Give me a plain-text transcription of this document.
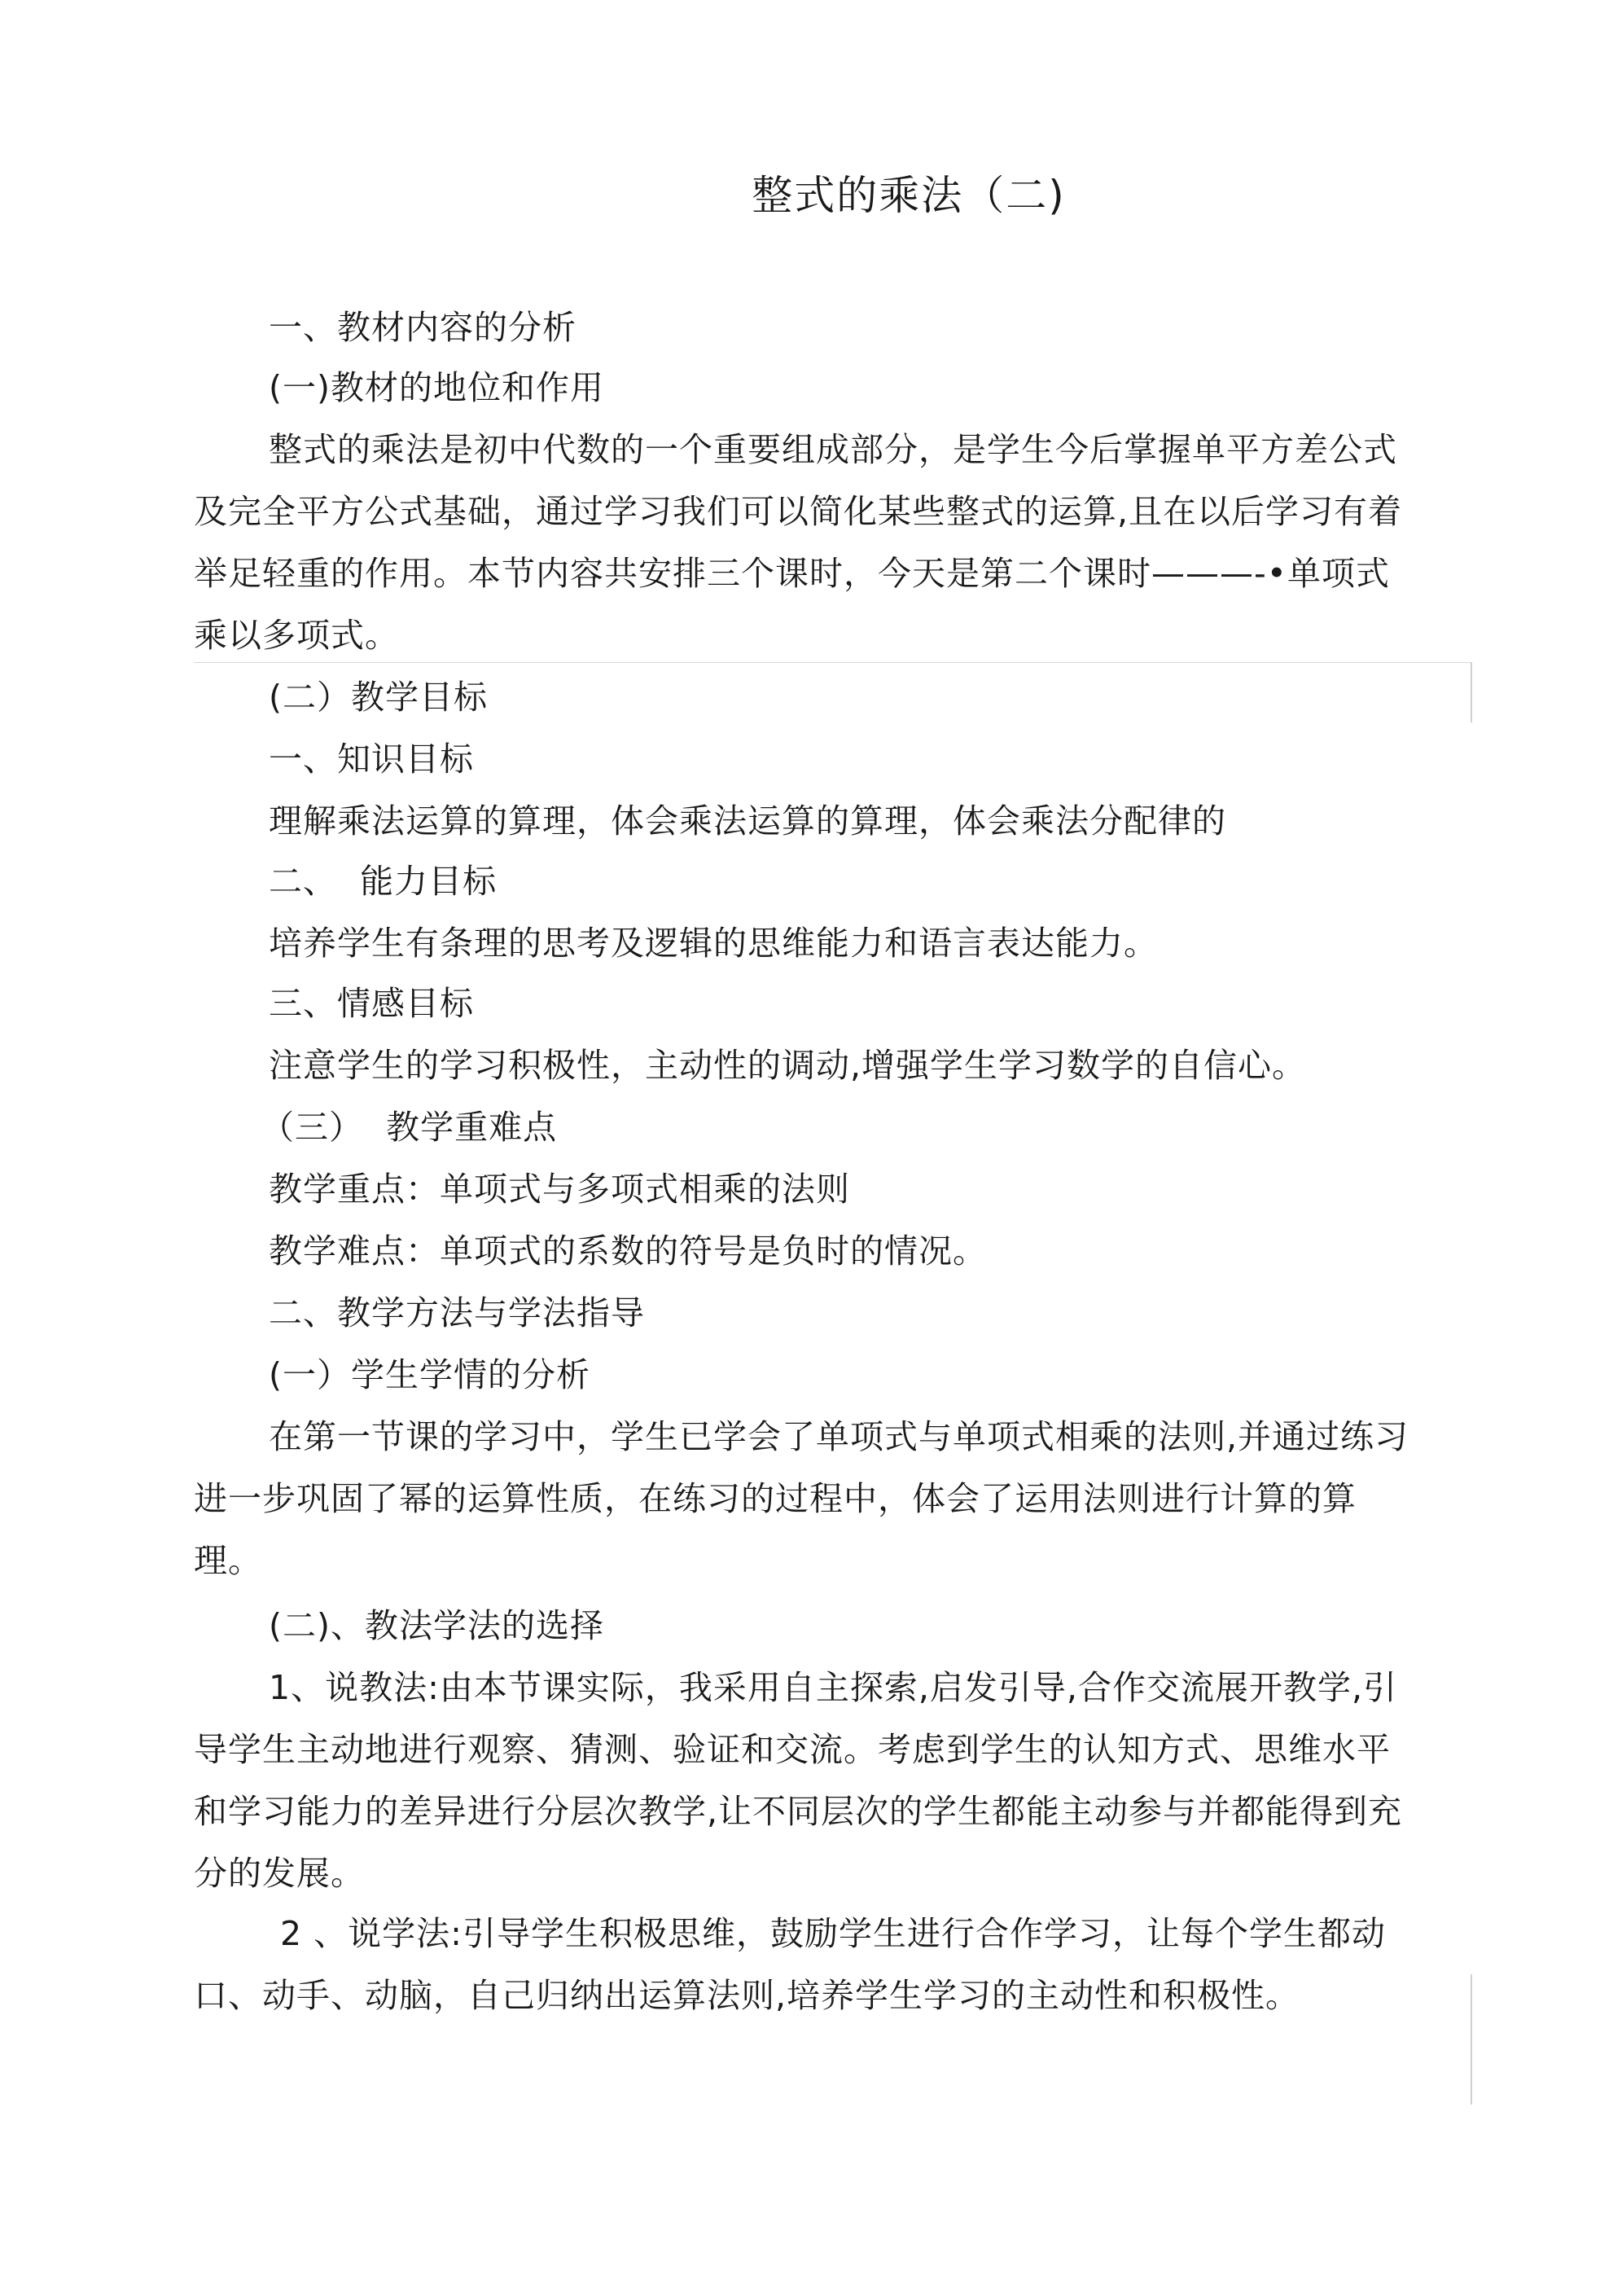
整式的乘法（二)
一、教材内容的分析
(一)教材的地位和作用

整式的乘法是初中代数的一个重要组成部分，是学生今后掌握单平方差公式及完全平方公式基础，通过学习我们可以简化某些整式的运算,且在以后学习有着举足轻重的作用。本节内容共安排三个课时，今天是第二个课时———-•单项式乘以多项式。

(二）教学目标
一、知识目标
理解乘法运算的算理，体会乘法运算的算理，体会乘法分配律的
二、  能力目标
培养学生有条理的思考及逻辑的思维能力和语言表达能力。
三、情感目标
注意学生的学习积极性，主动性的调动,增强学生学习数学的自信心。
（三）  教学重难点
教学重点：单项式与多项式相乘的法则
教学难点：单项式的系数的符号是负时的情况。
二、教学方法与学法指导
(一）学生学情的分析

在第一节课的学习中，学生已学会了单项式与单项式相乘的法则,并通过练习进一步巩固了幂的运算性质，在练习的过程中，体会了运用法则进行计算的算理。

(二)、教法学法的选择

1、说教法:由本节课实际，我采用自主探索,启发引导,合作交流展开教学,引导学生主动地进行观察、猜测、验证和交流。考虑到学生的认知方式、思维水平和学习能力的差异进行分层次教学,让不同层次的学生都能主动参与并都能得到充分的发展。

2 、说学法:引导学生积极思维，鼓励学生进行合作学习，让每个学生都动口、动手、动脑，自己归纳出运算法则,培养学生学习的主动性和积极性。
